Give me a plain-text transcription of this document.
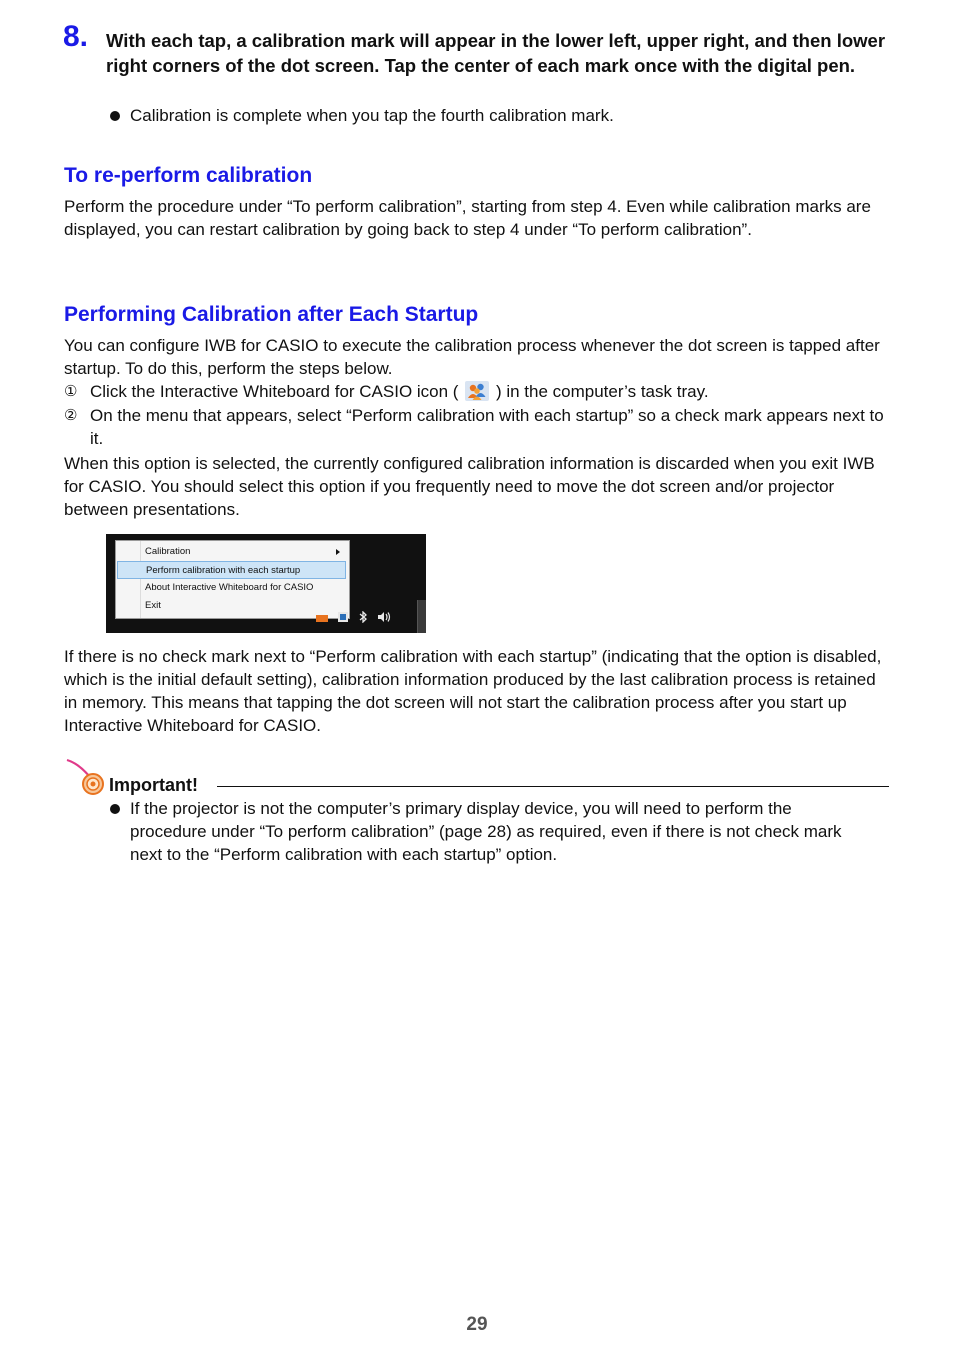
8. With each tap, a calibration mark will appear in the lower left, upper right, and then lower right corners of the dot screen. Tap the center of each mark once with the digital pen.
Calibration is complete when you tap the fourth calibration mark.
To re-perform calibration
Perform the procedure under “To perform calibration”, starting from step 4. Even while calibration marks are displayed, you can restart calibration by going back to step 4 under “To perform calibration”.
Performing Calibration after Each Startup
You can configure IWB for CASIO to execute the calibration process whenever the dot screen is tapped after startup. To do this, perform the steps below.
① Click the Interactive Whiteboard for CASIO icon ( ) in the computer’s task tray.
② On the menu that appears, select “Perform calibration with each startup” so a check mark appears next to it.
When this option is selected, the currently configured calibration information is discarded when you exit IWB for CASIO. You should select this option if you frequently need to move the dot screen and/or projector between presentations.
Calibration
Perform calibration with each startup
About Interactive Whiteboard for CASIO
Exit
If there is no check mark next to “Perform calibration with each startup” (indicating that the option is disabled, which is the initial default setting), calibration information produced by the last calibration process is retained in memory. This means that tapping the dot screen will not start the calibration process after you start up Interactive Whiteboard for CASIO.
Important!
If the projector is not the computer’s primary display device, you will need to perform the procedure under “To perform calibration” (page 28) as required, even if there is not check mark next to the “Perform calibration with each startup” option.
29
